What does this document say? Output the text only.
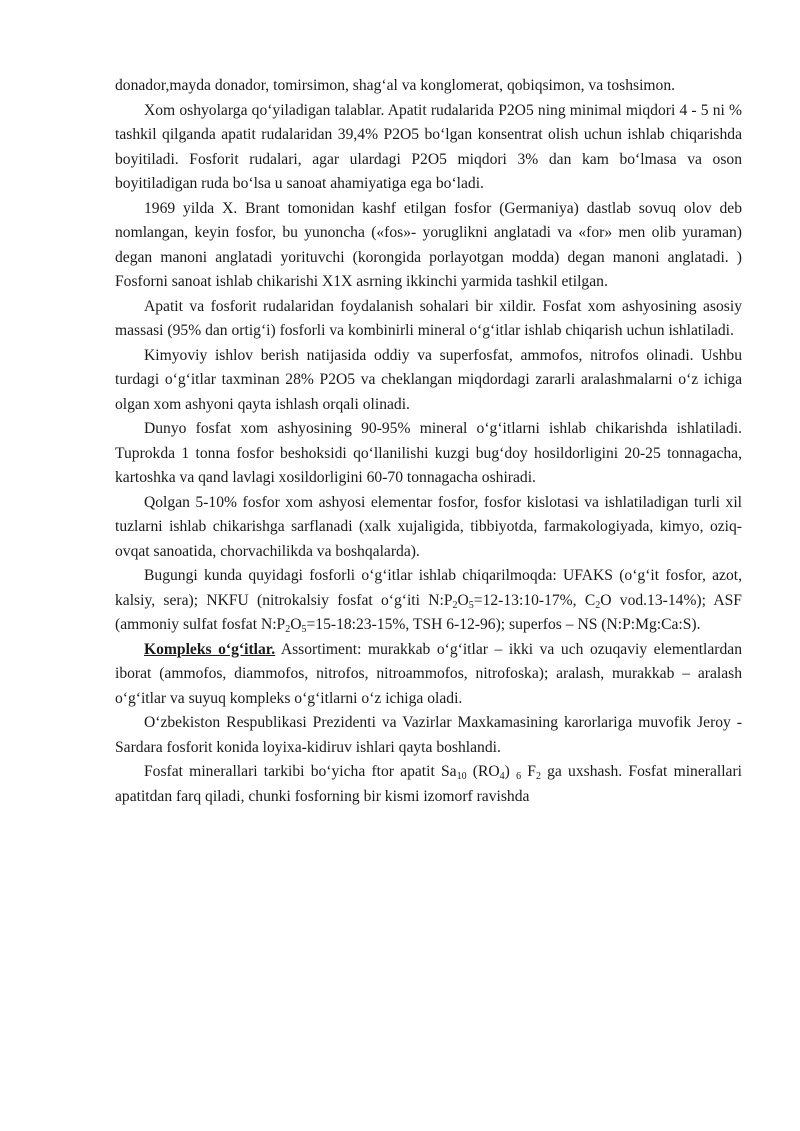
donador,mayda donador, tomirsimon, shag‘al va konglomerat, qobiqsimon, va toshsimon.

Xom oshyolarga qo‘yiladigan talablar. Apatit rudalarida P2O5 ning minimal miqdori 4 - 5 ni % tashkil qilganda apatit rudalaridan 39,4% P2O5 bo‘lgan konsentrat olish uchun ishlab chiqarishda boyitiladi. Fosforit rudalari, agar ulardagi P2O5 miqdori 3% dan kam bo‘lmasa va oson boyitiladigan ruda bo‘lsa u sanoat ahamiyatiga ega bo‘ladi.

1969 yilda X. Brant tomonidan kashf etilgan fosfor (Germaniya) dastlab sovuq olov deb nomlangan, keyin fosfor, bu yunoncha («fos»- yoruglikni anglatadi va «for» men olib yuraman) degan manoni anglatadi yorituvchi (korongida porlayotgan modda) degan manoni anglatadi. ) Fosforni sanoat ishlab chikarishi X1X asrning ikkinchi yarmida tashkil etilgan.

Apatit va fosforit rudalaridan foydalanish sohalari bir xildir. Fosfat xom ashyosining asosiy massasi (95% dan ortig‘i) fosforli va kombinirli mineral o‘g‘itlar ishlab chiqarish uchun ishlatiladi.

Kimyoviy ishlov berish natijasida oddiy va superfosfat, ammofos, nitrofos olinadi. Ushbu turdagi o‘g‘itlar taxminan 28% P2O5 va cheklangan miqdordagi zararli aralashmalarni o‘z ichiga olgan xom ashyoni qayta ishlash orqali olinadi.

Dunyo fosfat xom ashyosining 90-95% mineral o‘g‘itlarni ishlab chikarishda ishlatiladi. Tuprokda 1 tonna fosfor beshoksidi qo‘llanilishi kuzgi bug‘doy hosildorligini 20-25 tonnagacha, kartoshka va qand lavlagi xosildorligini 60-70 tonnagacha oshiradi.

Qolgan 5-10% fosfor xom ashyosi elementar fosfor, fosfor kislotasi va ishlatiladigan turli xil tuzlarni ishlab chikarishga sarflanadi (xalk xujaligida, tibbiyotda, farmakologiyada, kimyo, oziq-ovqat sanoatida, chorvachilikda va boshqalarda).

Bugungi kunda quyidagi fosforli o‘g‘itlar ishlab chiqarilmoqda: UFAKS (o‘g‘it fosfor, azot, kalsiy, sera); NKFU (nitrokalsiy fosfat o‘g‘iti $N:P_2O_5=12-13:10-17\%$, $C_2O$ vod.13-14%); ASF (ammoniy sulfat fosfat $N:P_2O_5=15-18:23-15\%$, TSH 6-12-96); superfos – NS (N:P:Mg:Ca:S).

Kompleks o‘g‘itlar. Assortiment: murakkab o‘g‘itlar – ikki va uch ozuqaviy elementlardan iborat (ammofos, diammofos, nitrofos, nitroammofos, nitrofoska); aralash, murakkab – aralash o‘g‘itlar va suyuq kompleks o‘g‘itlarni o‘z ichiga oladi.

O‘zbekiston Respublikasi Prezidenti va Vazirlar Maxkamasining karorlariga muvofik Jeroy - Sardara fosforit konida loyixa-kidiruv ishlari qayta boshlandi.

Fosfat minerallari tarkibi bo‘yicha ftor apatit $Sa_{10}$ $(RO_4)$ $_6$ $F_2$ ga uxshash. Fosfat minerallari apatitdan farq qiladi, chunki fosforning bir kismi izomorf ravishda
